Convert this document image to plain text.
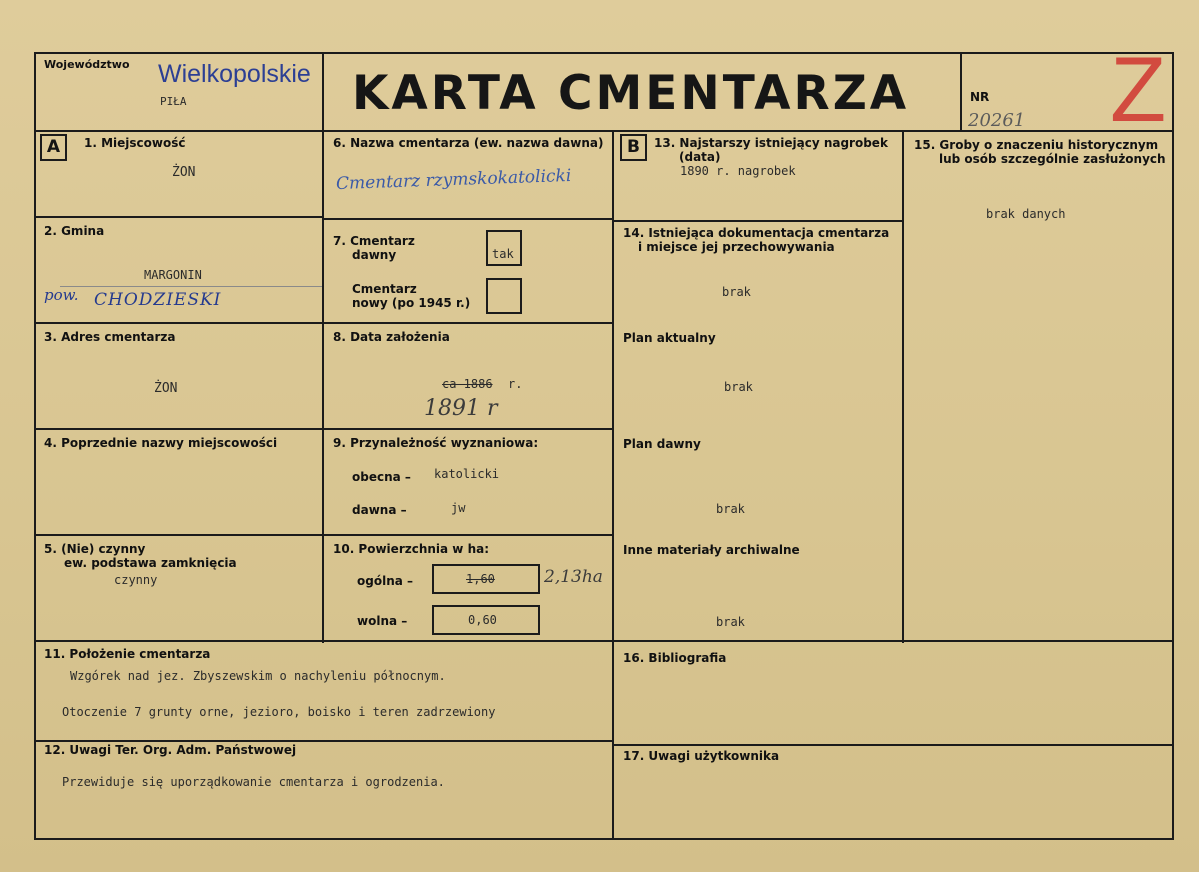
Województwo Wielkopolskie
PIŁA	KARTA CMENTARZA	NR
20261 Z
A	1. Miejscowość
ŻON
2. Gmina
MARGONIN
pow. CHODZIESKI
3. Adres cmentarza
ŻON
4. Poprzednie nazwy miejscowości
5. (Nie) czynny
ew. podstawa zamknięcia
czynny
6. Nazwa cmentarza (ew. nazwa dawna)
Cmentarz rzymskokatolicki
7. Cmentarz
dawny	tak
Cmentarz
nowy (po 1945 r.)
8. Data założenia
ca 1886 r.
1891 r
9. Przynależność wyznaniowa:
obecna – katolicki
dawna –	jw
10. Powierzchnia w ha:
ogólna –	1,60	2,13ha
wolna –	0,60
B	13. Najstarszy istniejący nagrobek
(data)
1890 r. nagrobek
14. Istniejąca dokumentacja cmentarza
i miejsce jej przechowywania
brak
Plan aktualny
brak
Plan dawny
brak
Inne materiały archiwalne
brak
15. Groby o znaczeniu historycznym
lub osób szczególnie zasłużonych
brak danych
11. Położenie cmentarza
Wzgórek nad jez. Zbyszewskim o nachyleniu północnym.
Otoczenie 7 grunty orne, jezioro, boisko i teren zadrzewiony
12. Uwagi Ter. Org. Adm. Państwowej
Przewiduje się uporządkowanie cmentarza i ogrodzenia.
16. Bibliografia
17. Uwagi użytkownika
